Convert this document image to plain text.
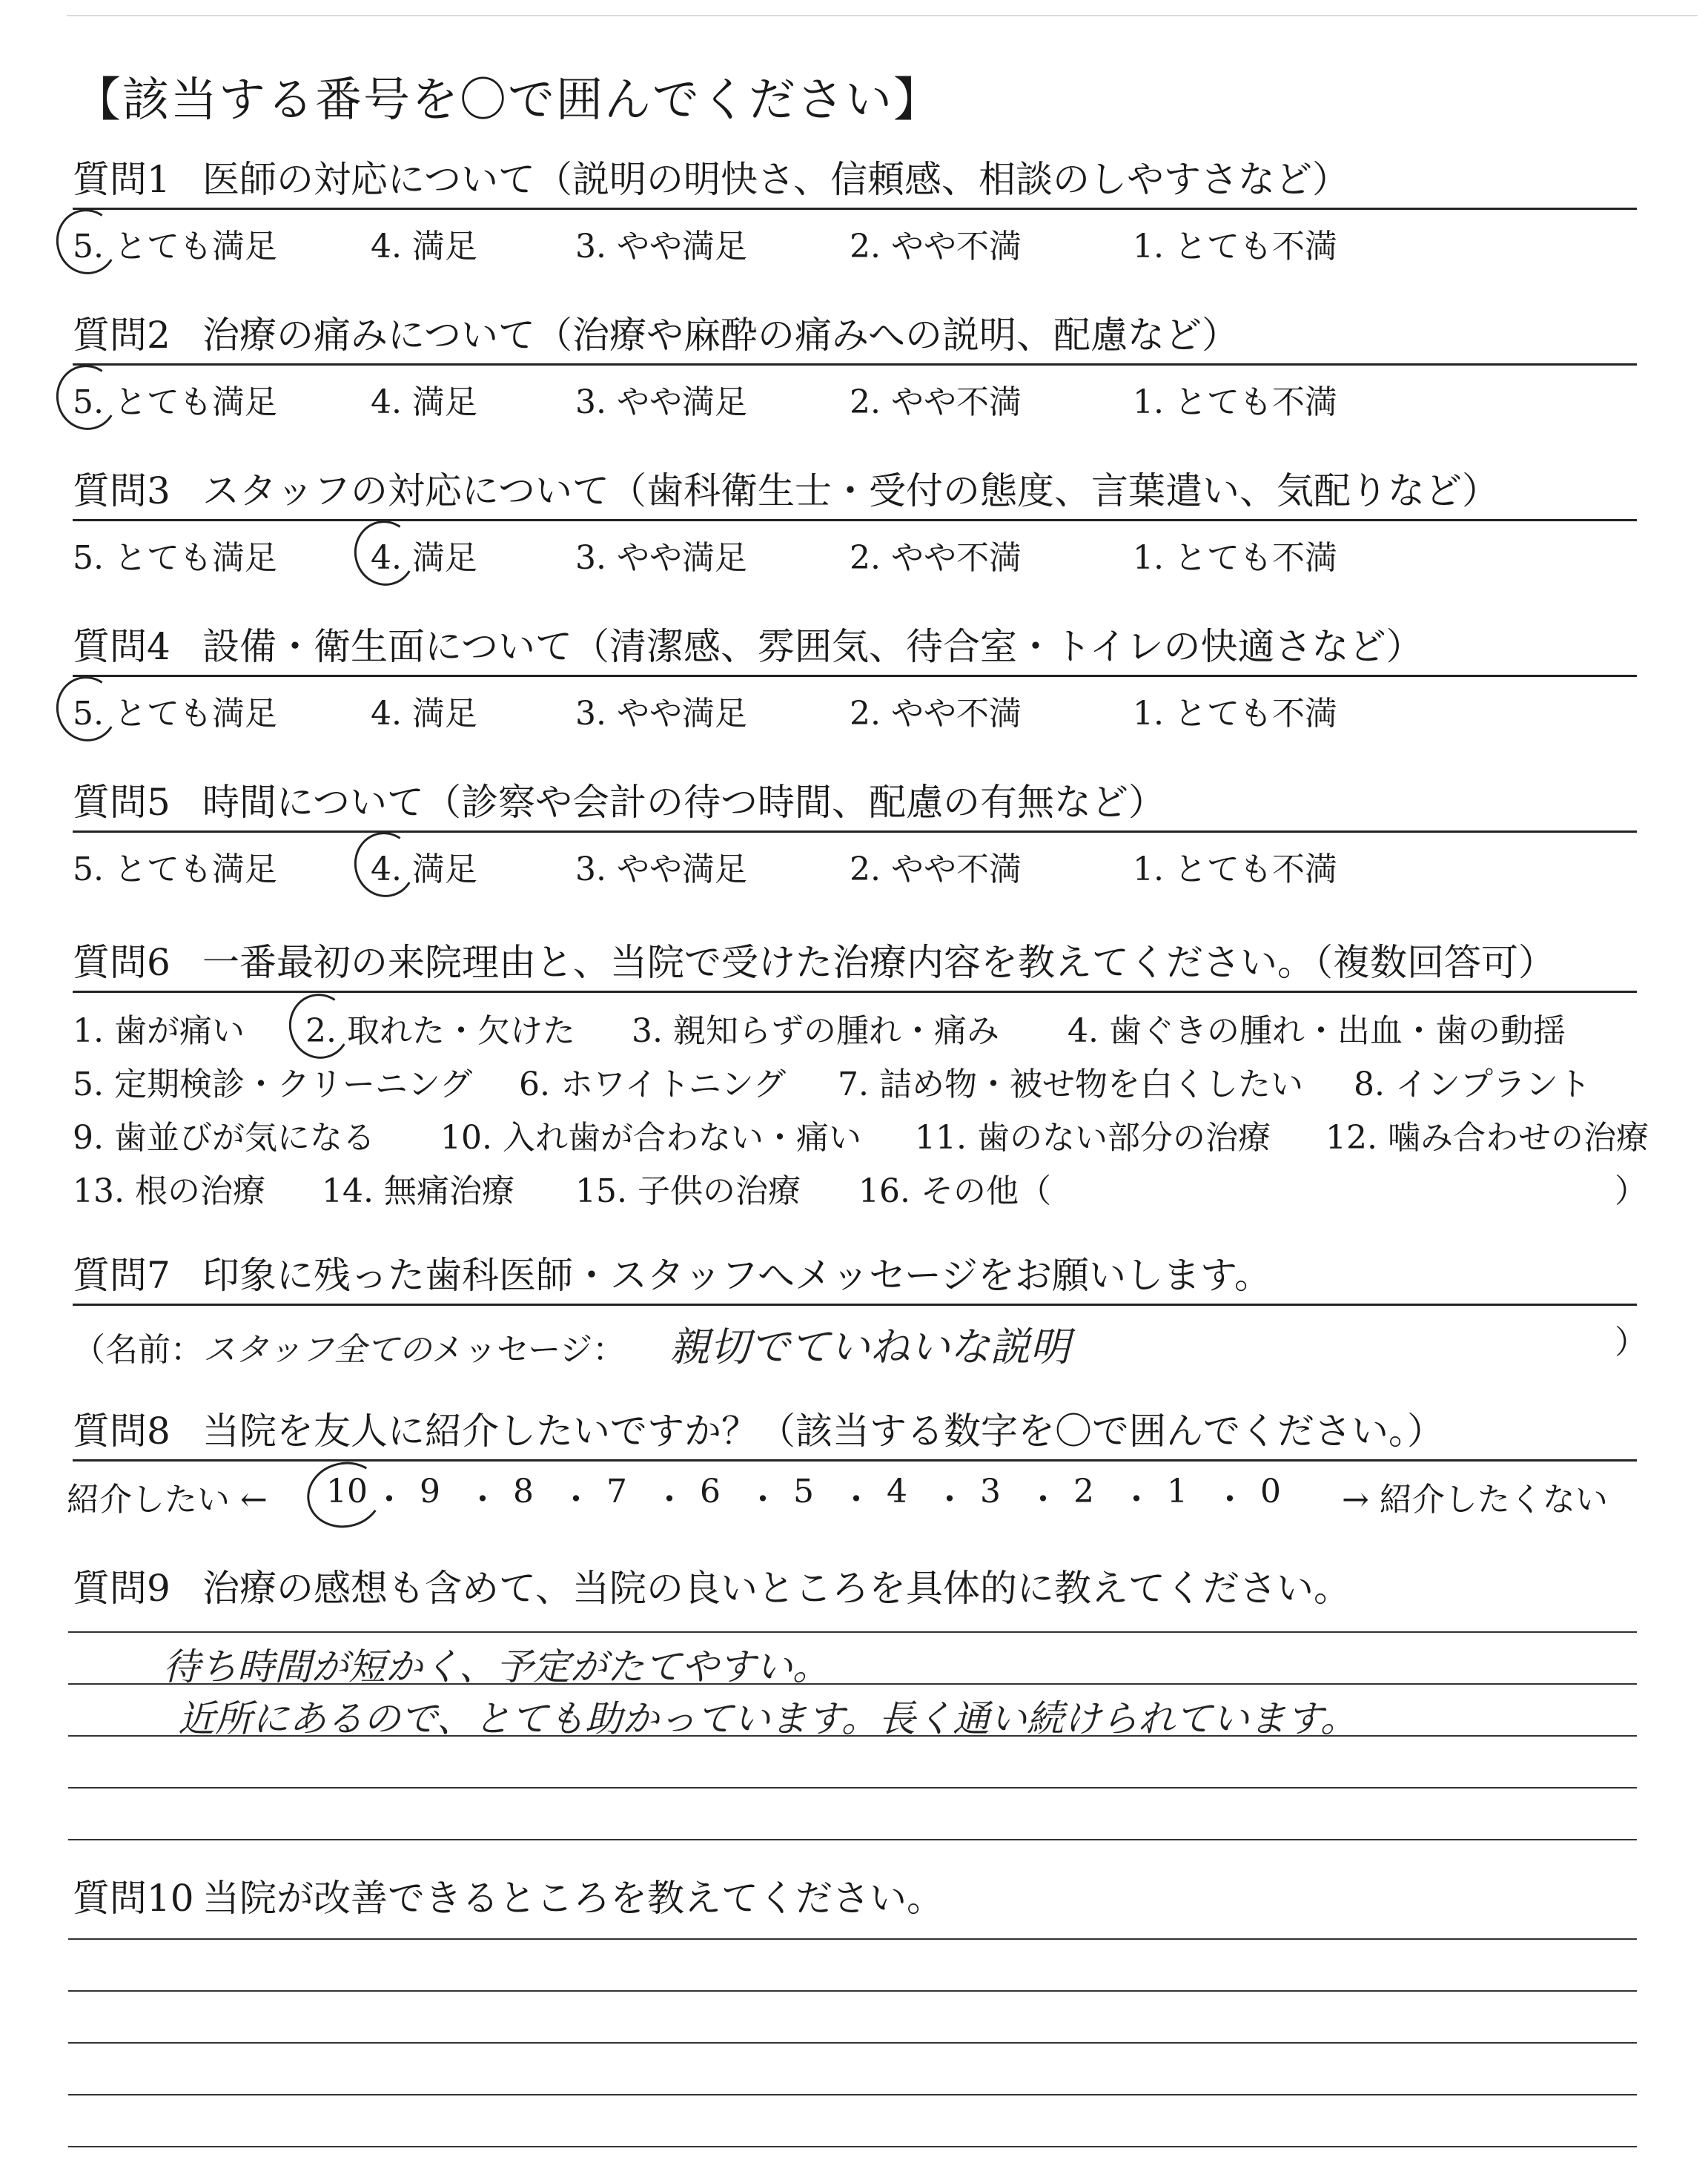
【該当する番号を〇で囲んでください】
質問1 医師の対応について（説明の明快さ、信頼感、相談のしやすさなど）
5. とても満足	4. 満足	3. やや満足	2. やや不満	1. とても不満
質問2 治療の痛みについて（治療や麻酔の痛みへの説明、配慮など）
5. とても満足	4. 満足	3. やや満足	2. やや不満	1. とても不満
質問3 スタッフの対応について（歯科衛生士・受付の態度、言葉遣い、気配りなど）
5. とても満足	4. 満足	3. やや満足	2. やや不満	1. とても不満
質問4 設備・衛生面について（清潔感、雰囲気、待合室・トイレの快適さなど）
5. とても満足	4. 満足	3. やや満足	2. やや不満	1. とても不満
質問5 時間について（診察や会計の待つ時間、配慮の有無など）
5. とても満足	4. 満足	3. やや満足	2. やや不満	1. とても不満
質問6 一番最初の来院理由と、当院で受けた治療内容を教えてください。（複数回答可）
1. 歯が痛い 2. 取れた・欠けた 3. 親知らずの腫れ・痛み 4. 歯ぐきの腫れ・出血・歯の動揺
5. 定期検診・クリーニング 6. ホワイトニング 7. 詰め物・被せ物を白くしたい 8. インプラント
9. 歯並びが気になる 10. 入れ歯が合わない・痛い 11. 歯のない部分の治療 12. 噛み合わせの治療
13. 根の治療 14. 無痛治療 15. 子供の治療 16. その他（	）
質問7 印象に残った歯科医師・スタッフへメッセージをお願いします。
（名前：スタッフ全てのメッセージ： 親切でていねいな説明	）
質問8 当院を友人に紹介したいですか？（該当する数字を〇で囲んでください。）
紹介したい ← 10 ・ 9 ・ 8 ・ 7 ・ 6 ・ 5 ・ 4 ・ 3 ・ 2 ・ 1 ・ 0 → 紹介したくない
質問9 治療の感想も含めて、当院の良いところを具体的に教えてください。
待ち時間が短かく、予定がたてやすい。
近所にあるので、とても助かっています。長く通い続けられています。
質問10 当院が改善できるところを教えてください。
